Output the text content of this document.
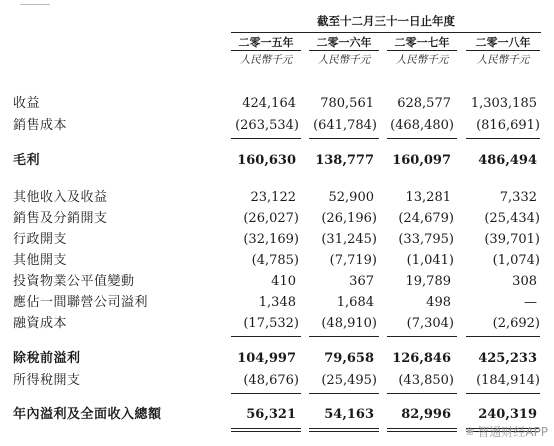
截至十二月三十一日止年度
二零一五年	二零一六年	二零一七年	二零一八年
人民幣千元	人民幣千元	人民幣千元	人民幣千元
收益	424,164 780,561 628,577 1,303,185
銷售成本	(263,534) (641,784) (468,480) (816,691)
毛利	160,630 138,777 160,097 486,494
其他收入及收益	23,122	52,900 13,281	7,332
銷售及分銷開支	(26,027) (26,196) (24,679) (25,434)
行政開支	(32,169) (31,245) (33,795) (39,701)
其他開支	(4,785) (7,719) (1,041)	(1,074)
投資物業公平值變動	410	367 19,789	308
應佔一間聯營公司溢利	1,348	1,684	498	—
融資成本	(17,532) (48,910) (7,304)	(2,692)
除稅前溢利	104,997 79,658 126,846 425,233
所得稅開支	(48,676) (25,495) (43,850) (184,914)
年內溢利及全面收入總額	56,321 54,163 82,996 240,319
❀ 智通财经APP
